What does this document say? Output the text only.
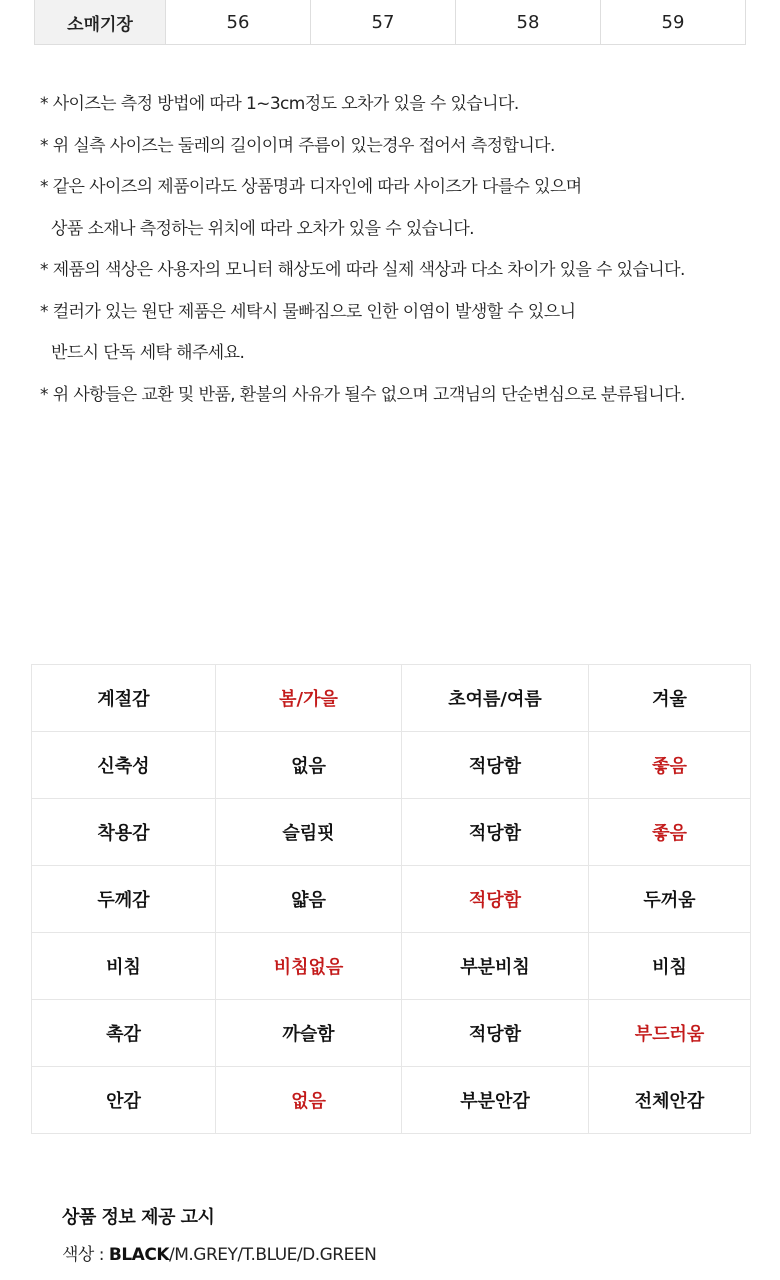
소매기장	56	57	58	59
* 사이즈는 측정 방법에 따라 1~3cm정도 오차가 있을 수 있습니다.
* 위 실측 사이즈는 둘레의 길이이며 주름이 있는경우 접어서 측정합니다.
* 같은 사이즈의 제품이라도 상품명과 디자인에 따라 사이즈가 다를수 있으며
상품 소재나 측정하는 위치에 따라 오차가 있을 수 있습니다.
* 제품의 색상은 사용자의 모니터 해상도에 따라 실제 색상과 다소 차이가 있을 수 있습니다.
* 컬러가 있는 원단 제품은 세탁시 물빠짐으로 인한 이염이 발생할 수 있으니
반드시 단독 세탁 해주세요.
* 위 사항들은 교환 및 반품, 환불의 사유가 될수 없으며 고객님의 단순변심으로 분류됩니다.
계절감	봄/가을	초여름/여름	겨울
신축성	없음	적당함	좋음
착용감	슬림핏	적당함	좋음
두께감	얇음	적당함	두꺼움
비침	비침없음	부분비침	비침
촉감	까슬함	적당함	부드러움
안감	없음	부분안감	전체안감
상품 정보 제공 고시
색상 : BLACK/M.GREY/T.BLUE/D.GREEN
